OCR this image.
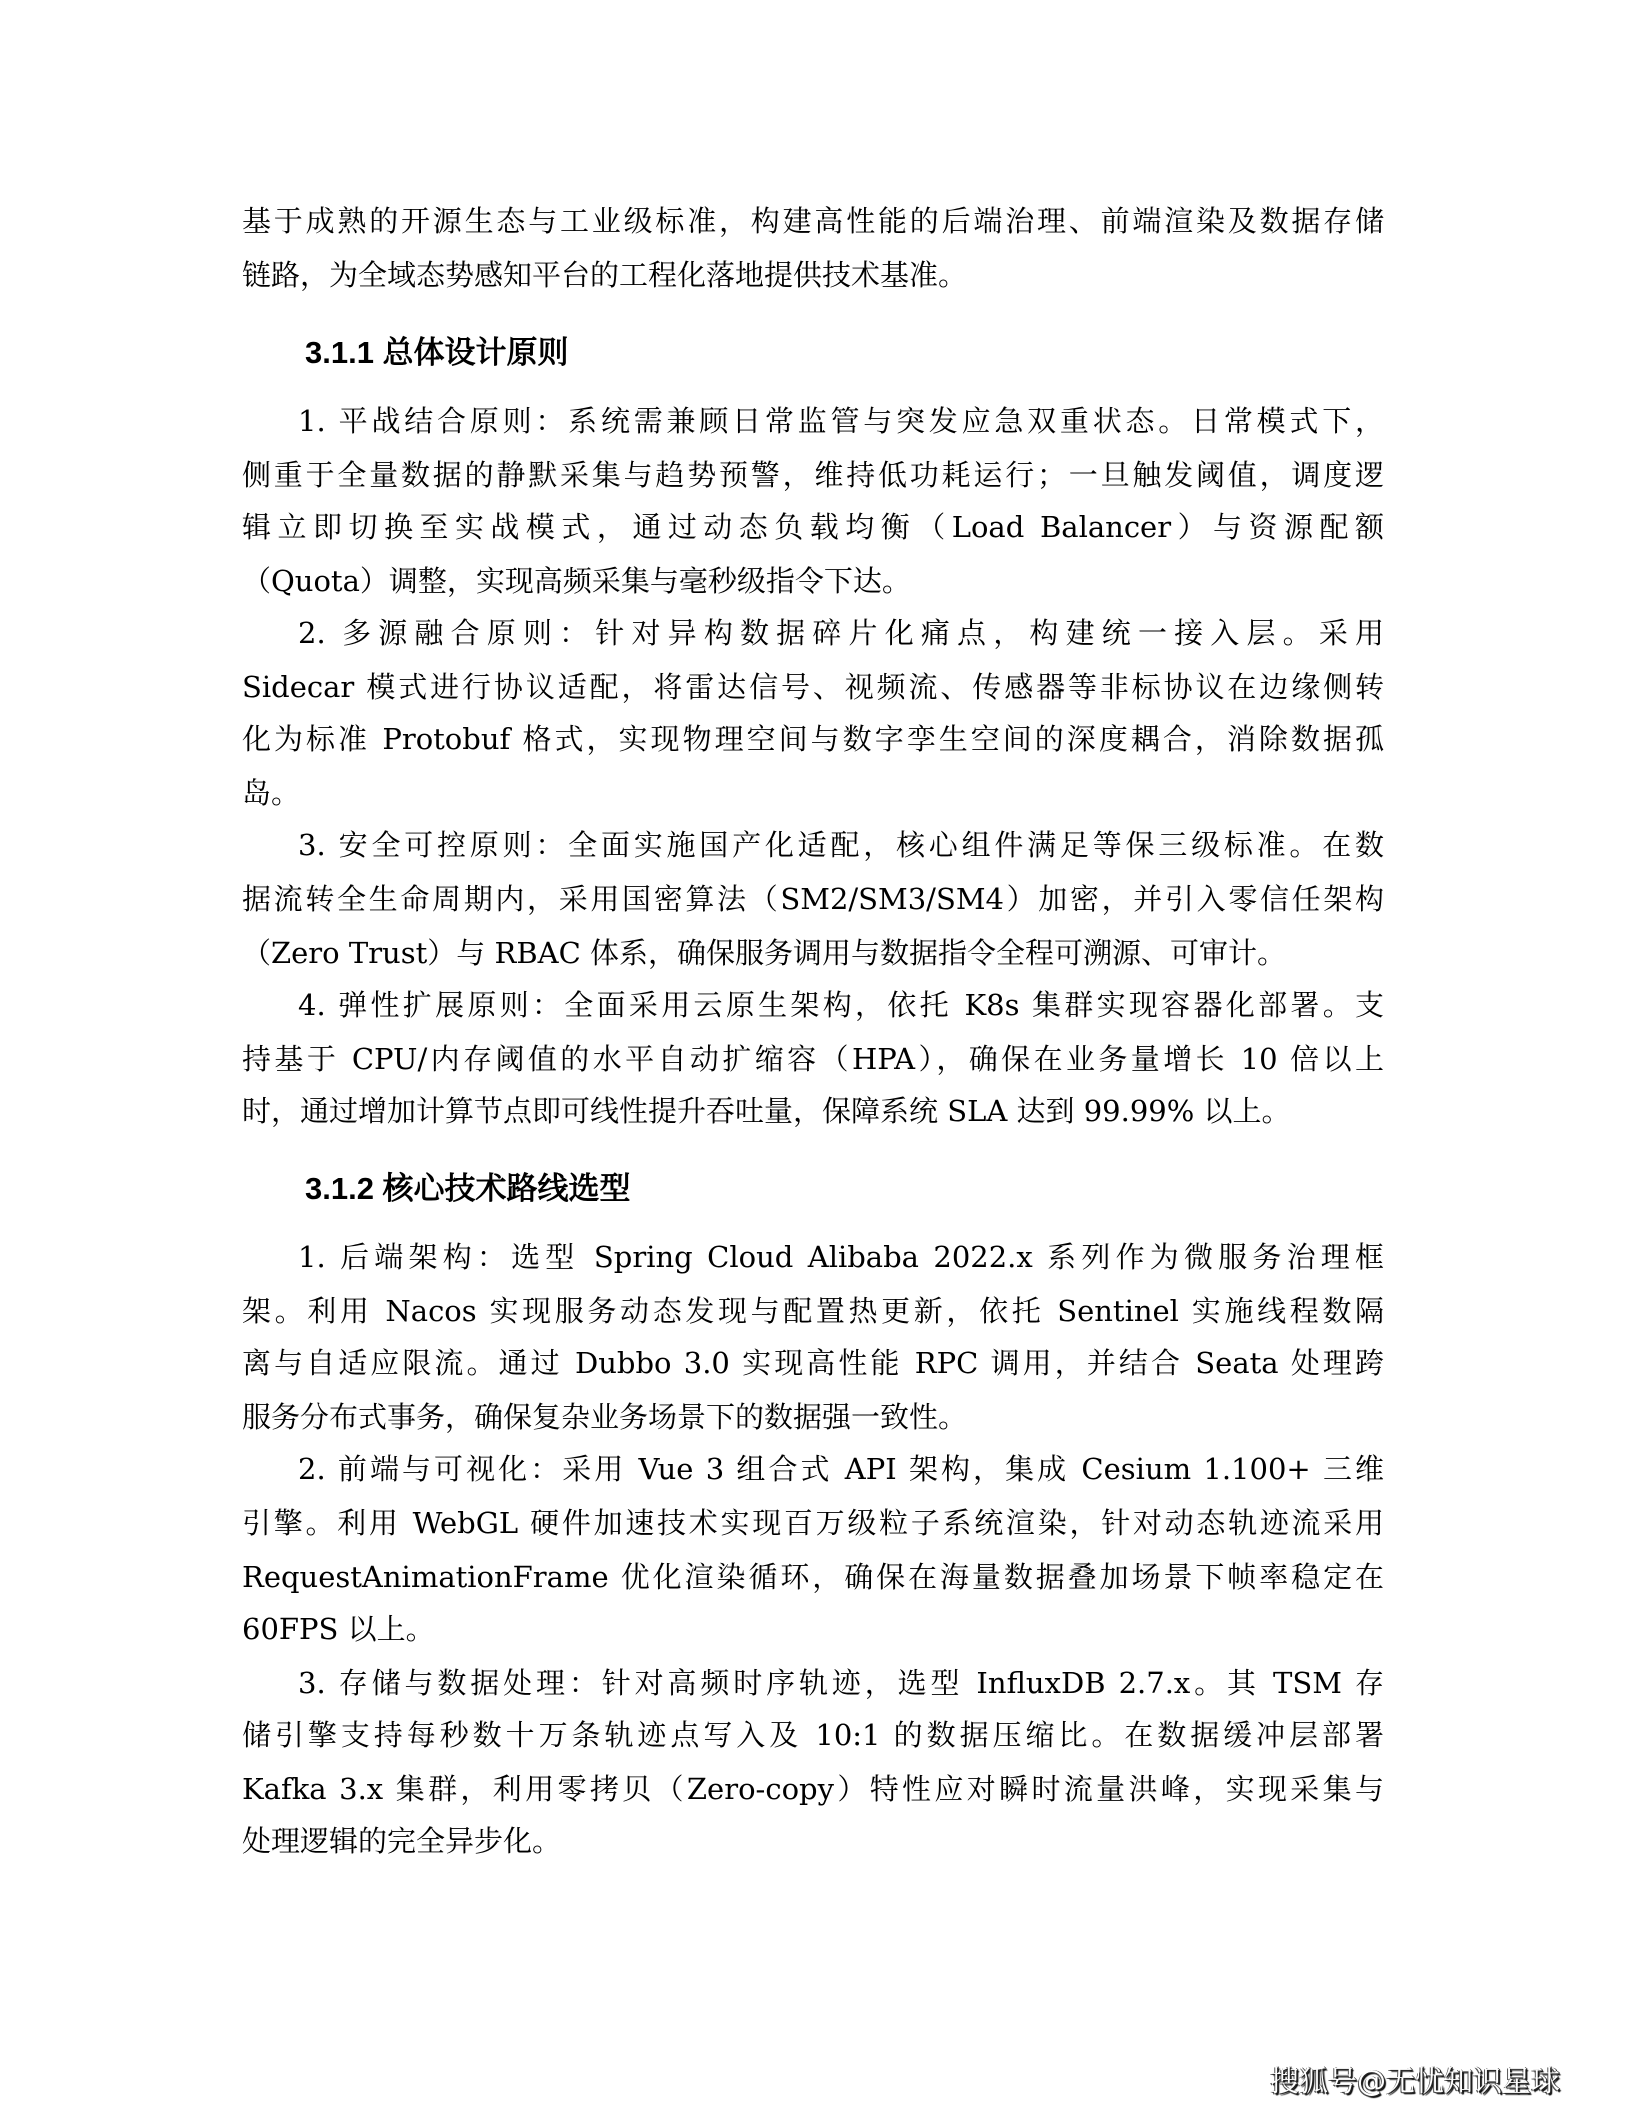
基于成熟的开源生态与工业级标准，构建高性能的后端治理、前端渲染及数据存储
链路，为全域态势感知平台的工程化落地提供技术基准。
3.1.1 总体设计原则
1. 平战结合原则：系统需兼顾日常监管与突发应急双重状态。日常模式下，
侧重于全量数据的静默采集与趋势预警，维持低功耗运行；一旦触发阈值，调度逻
辑立即切换至实战模式，通过动态负载均衡（Load Balancer）与资源配额
（Quota）调整，实现高频采集与毫秒级指令下达。
2. 多源融合原则：针对异构数据碎片化痛点，构建统一接入层。采用
Sidecar 模式进行协议适配，将雷达信号、视频流、传感器等非标协议在边缘侧转
化为标准 Protobuf 格式，实现物理空间与数字孪生空间的深度耦合，消除数据孤
岛。
3. 安全可控原则：全面实施国产化适配，核心组件满足等保三级标准。在数
据流转全生命周期内，采用国密算法（SM2/SM3/SM4）加密，并引入零信任架构
（Zero Trust）与 RBAC 体系，确保服务调用与数据指令全程可溯源、可审计。
4. 弹性扩展原则：全面采用云原生架构，依托 K8s 集群实现容器化部署。支
持基于 CPU/内存阈值的水平自动扩缩容（HPA），确保在业务量增长 10 倍以上
时，通过增加计算节点即可线性提升吞吐量，保障系统 SLA 达到 99.99% 以上。
3.1.2 核心技术路线选型
1. 后端架构：选型 Spring Cloud Alibaba 2022.x 系列作为微服务治理框
架。利用 Nacos 实现服务动态发现与配置热更新，依托 Sentinel 实施线程数隔
离与自适应限流。通过 Dubbo 3.0 实现高性能 RPC 调用，并结合 Seata 处理跨
服务分布式事务，确保复杂业务场景下的数据强一致性。
2. 前端与可视化：采用 Vue 3 组合式 API 架构，集成 Cesium 1.100+ 三维
引擎。利用 WebGL 硬件加速技术实现百万级粒子系统渲染，针对动态轨迹流采用
RequestAnimationFrame 优化渲染循环，确保在海量数据叠加场景下帧率稳定在
60FPS 以上。
3. 存储与数据处理：针对高频时序轨迹，选型 InfluxDB 2.7.x。其 TSM 存
储引擎支持每秒数十万条轨迹点写入及 10:1 的数据压缩比。在数据缓冲层部署
Kafka 3.x 集群，利用零拷贝（Zero-copy）特性应对瞬时流量洪峰，实现采集与
处理逻辑的完全异步化。
搜狐号@无忧知识星球
